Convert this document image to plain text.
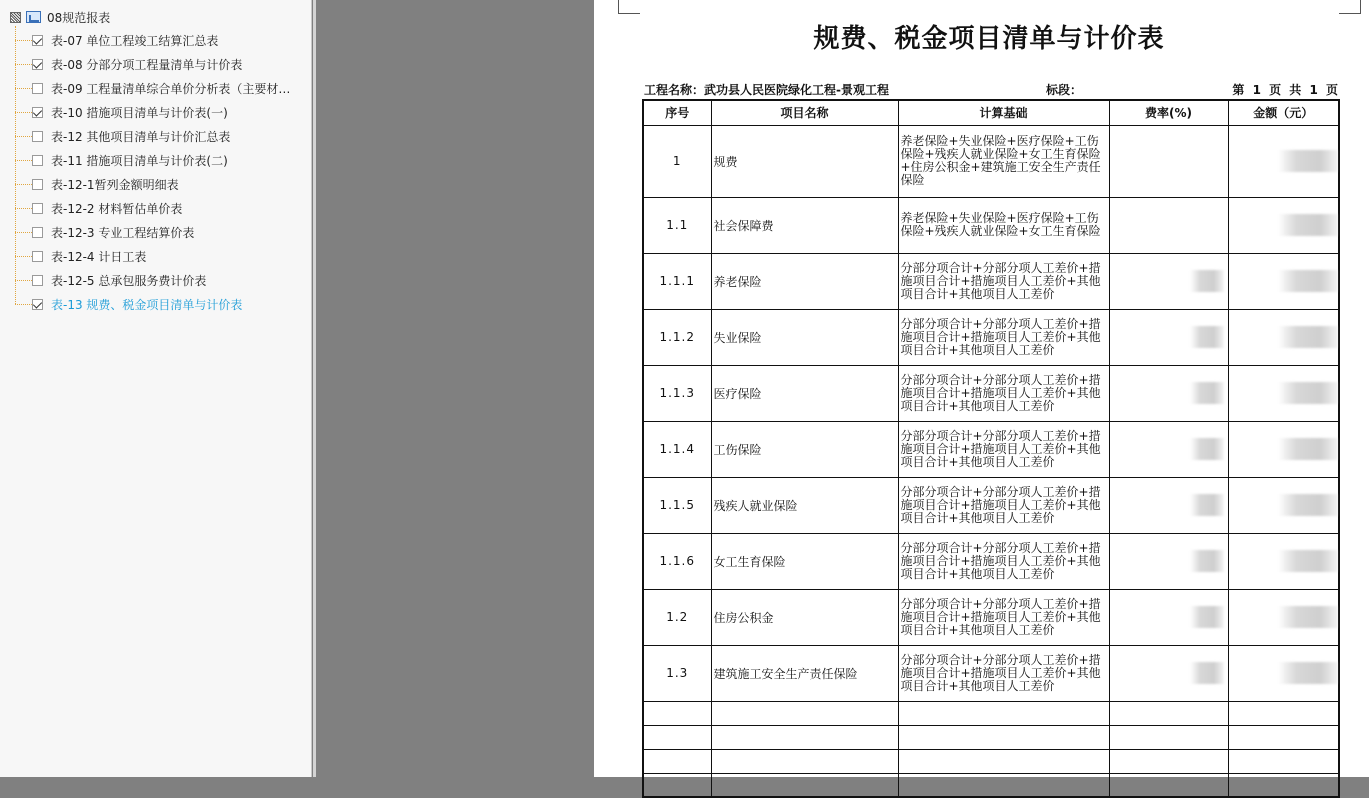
08规范报表
表-07 单位工程竣工结算汇总表
表-08 分部分项工程量清单与计价表
表-09 工程量清单综合单价分析表（主要材…
表-10 措施项目清单与计价表(一)
表-12 其他项目清单与计价汇总表
表-11 措施项目清单与计价表(二)
表-12-1暂列金额明细表
表-12-2 材料暂估单价表
表-12-3 专业工程结算价表
表-12-4 计日工表
表-12-5 总承包服务费计价表
表-13 规费、税金项目清单与计价表
规费、税金项目清单与计价表
工程名称：武功县人民医院绿化工程-景观工程	标段：	第 1 页 共 1 页
序号	项目名称	计算基础	费率(%)	金额（元）
1	规费	养老保险+失业保险+医疗保险+工伤保险+残疾人就业保险+女工生育保险+住房公积金+建筑施工安全生产责任保险		

1.1	社会保障费	养老保险+失业保险+医疗保险+工伤保险+残疾人就业保险+女工生育保险		

1.1.1	养老保险	分部分项合计+分部分项人工差价+措施项目合计+措施项目人工差价+其他项目合计+其他项目人工差价	

1.1.2	失业保险	分部分项合计+分部分项人工差价+措施项目合计+措施项目人工差价+其他项目合计+其他项目人工差价	

1.1.3	医疗保险	分部分项合计+分部分项人工差价+措施项目合计+措施项目人工差价+其他项目合计+其他项目人工差价	

1.1.4	工伤保险	分部分项合计+分部分项人工差价+措施项目合计+措施项目人工差价+其他项目合计+其他项目人工差价	

1.1.5	残疾人就业保险	分部分项合计+分部分项人工差价+措施项目合计+措施项目人工差价+其他项目合计+其他项目人工差价	

1.1.6	女工生育保险	分部分项合计+分部分项人工差价+措施项目合计+措施项目人工差价+其他项目合计+其他项目人工差价	

1.2	住房公积金	分部分项合计+分部分项人工差价+措施项目合计+措施项目人工差价+其他项目合计+其他项目人工差价	

1.3	建筑施工安全生产责任保险	分部分项合计+分部分项人工差价+措施项目合计+措施项目人工差价+其他项目合计+其他项目人工差价	
